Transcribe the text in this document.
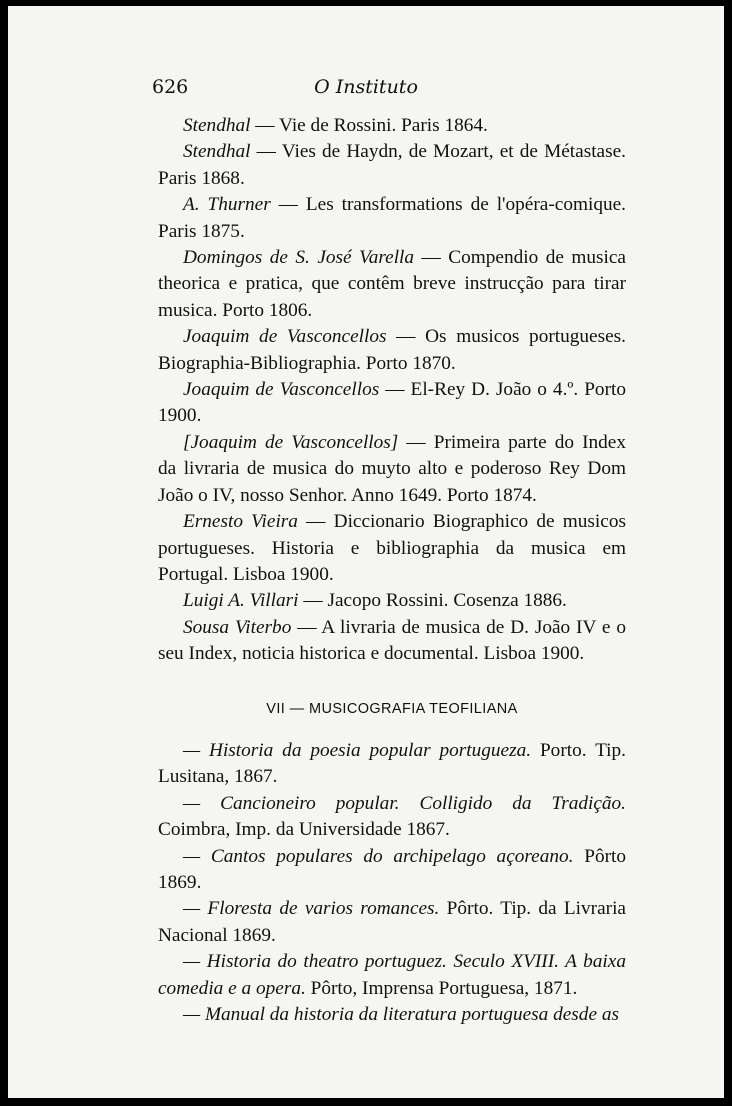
626	O Instituto

Stendhal — Vie de Rossini. Paris 1864.

Stendhal — Vies de Haydn, de Mozart, et de Métastase. Paris 1868.

A. Thurner — Les transformations de l'opéra-comique. Paris 1875.

Domingos de S. José Varella — Compendio de musica theorica e pratica, que contêm breve instrucção para tirar musica. Porto 1806.

Joaquim de Vasconcellos — Os musicos portugueses. Biographia-Bibliographia. Porto 1870.

Joaquim de Vasconcellos — El-Rey D. João o 4.º. Porto 1900.

[Joaquim de Vasconcellos] — Primeira parte do Index da livraria de musica do muyto alto e poderoso Rey Dom João o IV, nosso Senhor. Anno 1649. Porto 1874.

Ernesto Vieira — Diccionario Biographico de musicos portugueses. Historia e bibliographia da musica em Portugal. Lisboa 1900.

Luigi A. Villari — Jacopo Rossini. Cosenza 1886.

Sousa Viterbo — A livraria de musica de D. João IV e o seu Index, noticia historica e documental. Lisboa 1900.

VII — MUSICOGRAFIA TEOFILIANA

— Historia da poesia popular portugueza. Porto. Tip. Lusitana, 1867.

— Cancioneiro popular. Colligido da Tradição. Coimbra, Imp. da Universidade 1867.

— Cantos populares do archipelago açoreano. Pôrto 1869.

— Floresta de varios romances. Pôrto. Tip. da Livraria Nacional 1869.

— Historia do theatro portuguez. Seculo XVIII. A baixa comedia e a opera. Pôrto, Imprensa Portuguesa, 1871.

— Manual da historia da literatura portuguesa desde as
